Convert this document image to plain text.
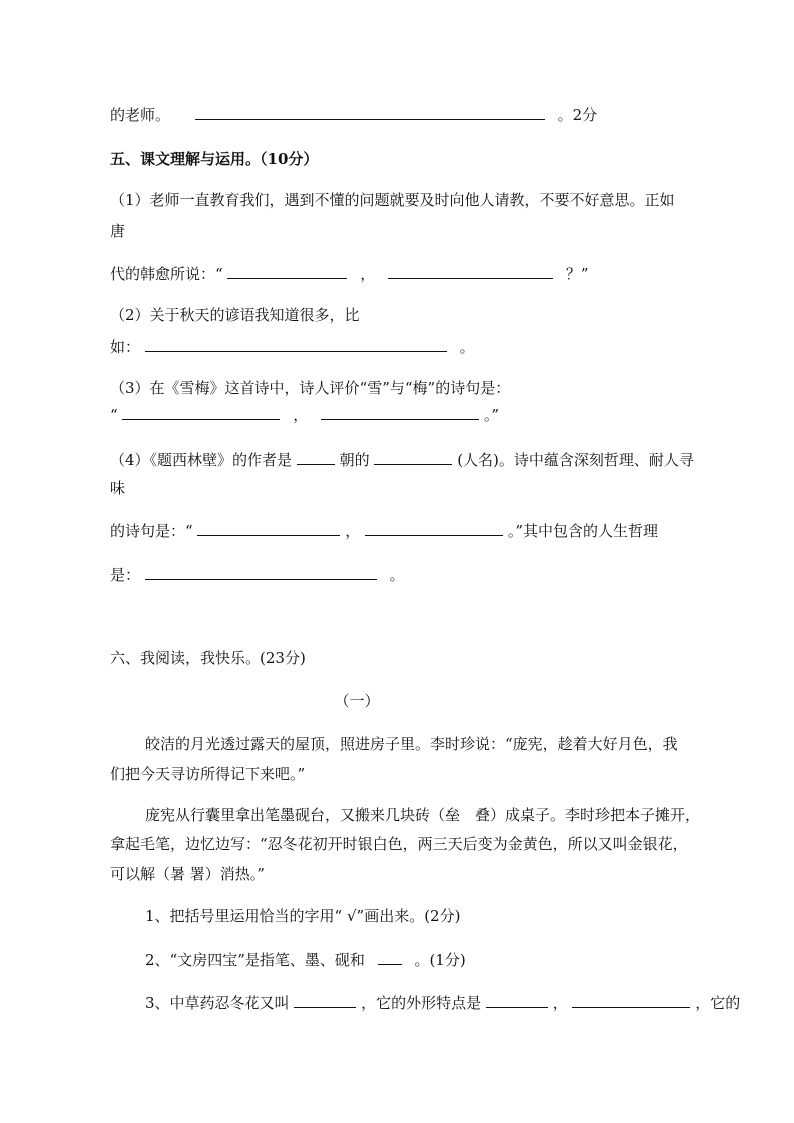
的老师。	。2分
五、课文理解与运用。（10分）
（1）老师一直教育我们，遇到不懂的问题就要及时向他人请教，不要不好意思。正如
唐
代的韩愈所说：“	，	？”
（2）关于秋天的谚语我知道很多，比
如：	。
（3）在《雪梅》这首诗中，诗人评价“雪”与“梅”的诗句是：
“	，	。”
（4）《题西林壁》的作者是	朝的	(人名)。诗中蕴含深刻哲理、耐人寻
味
的诗句是：“	，	。”其中包含的人生哲理
是：	。
六、我阅读，我快乐。(23分)
（一）
皎洁的月光透过露天的屋顶，照进房子里。李时珍说：“庞宪，趁着大好月色，我
们把今天寻访所得记下来吧。”
庞宪从行囊里拿出笔墨砚台，又搬来几块砖（垒　叠）成桌子。李时珍把本子摊开，
拿起毛笔，边忆边写：“忍冬花初开时银白色，两三天后变为金黄色，所以又叫金银花，
可以解（暑 署）消热。”
1、把括号里运用恰当的字用“ √”画出来。(2分)
2、“文房四宝”是指笔、墨、砚和	。(1分)
3、中草药忍冬花又叫	，它的外形特点是	，	，它的
